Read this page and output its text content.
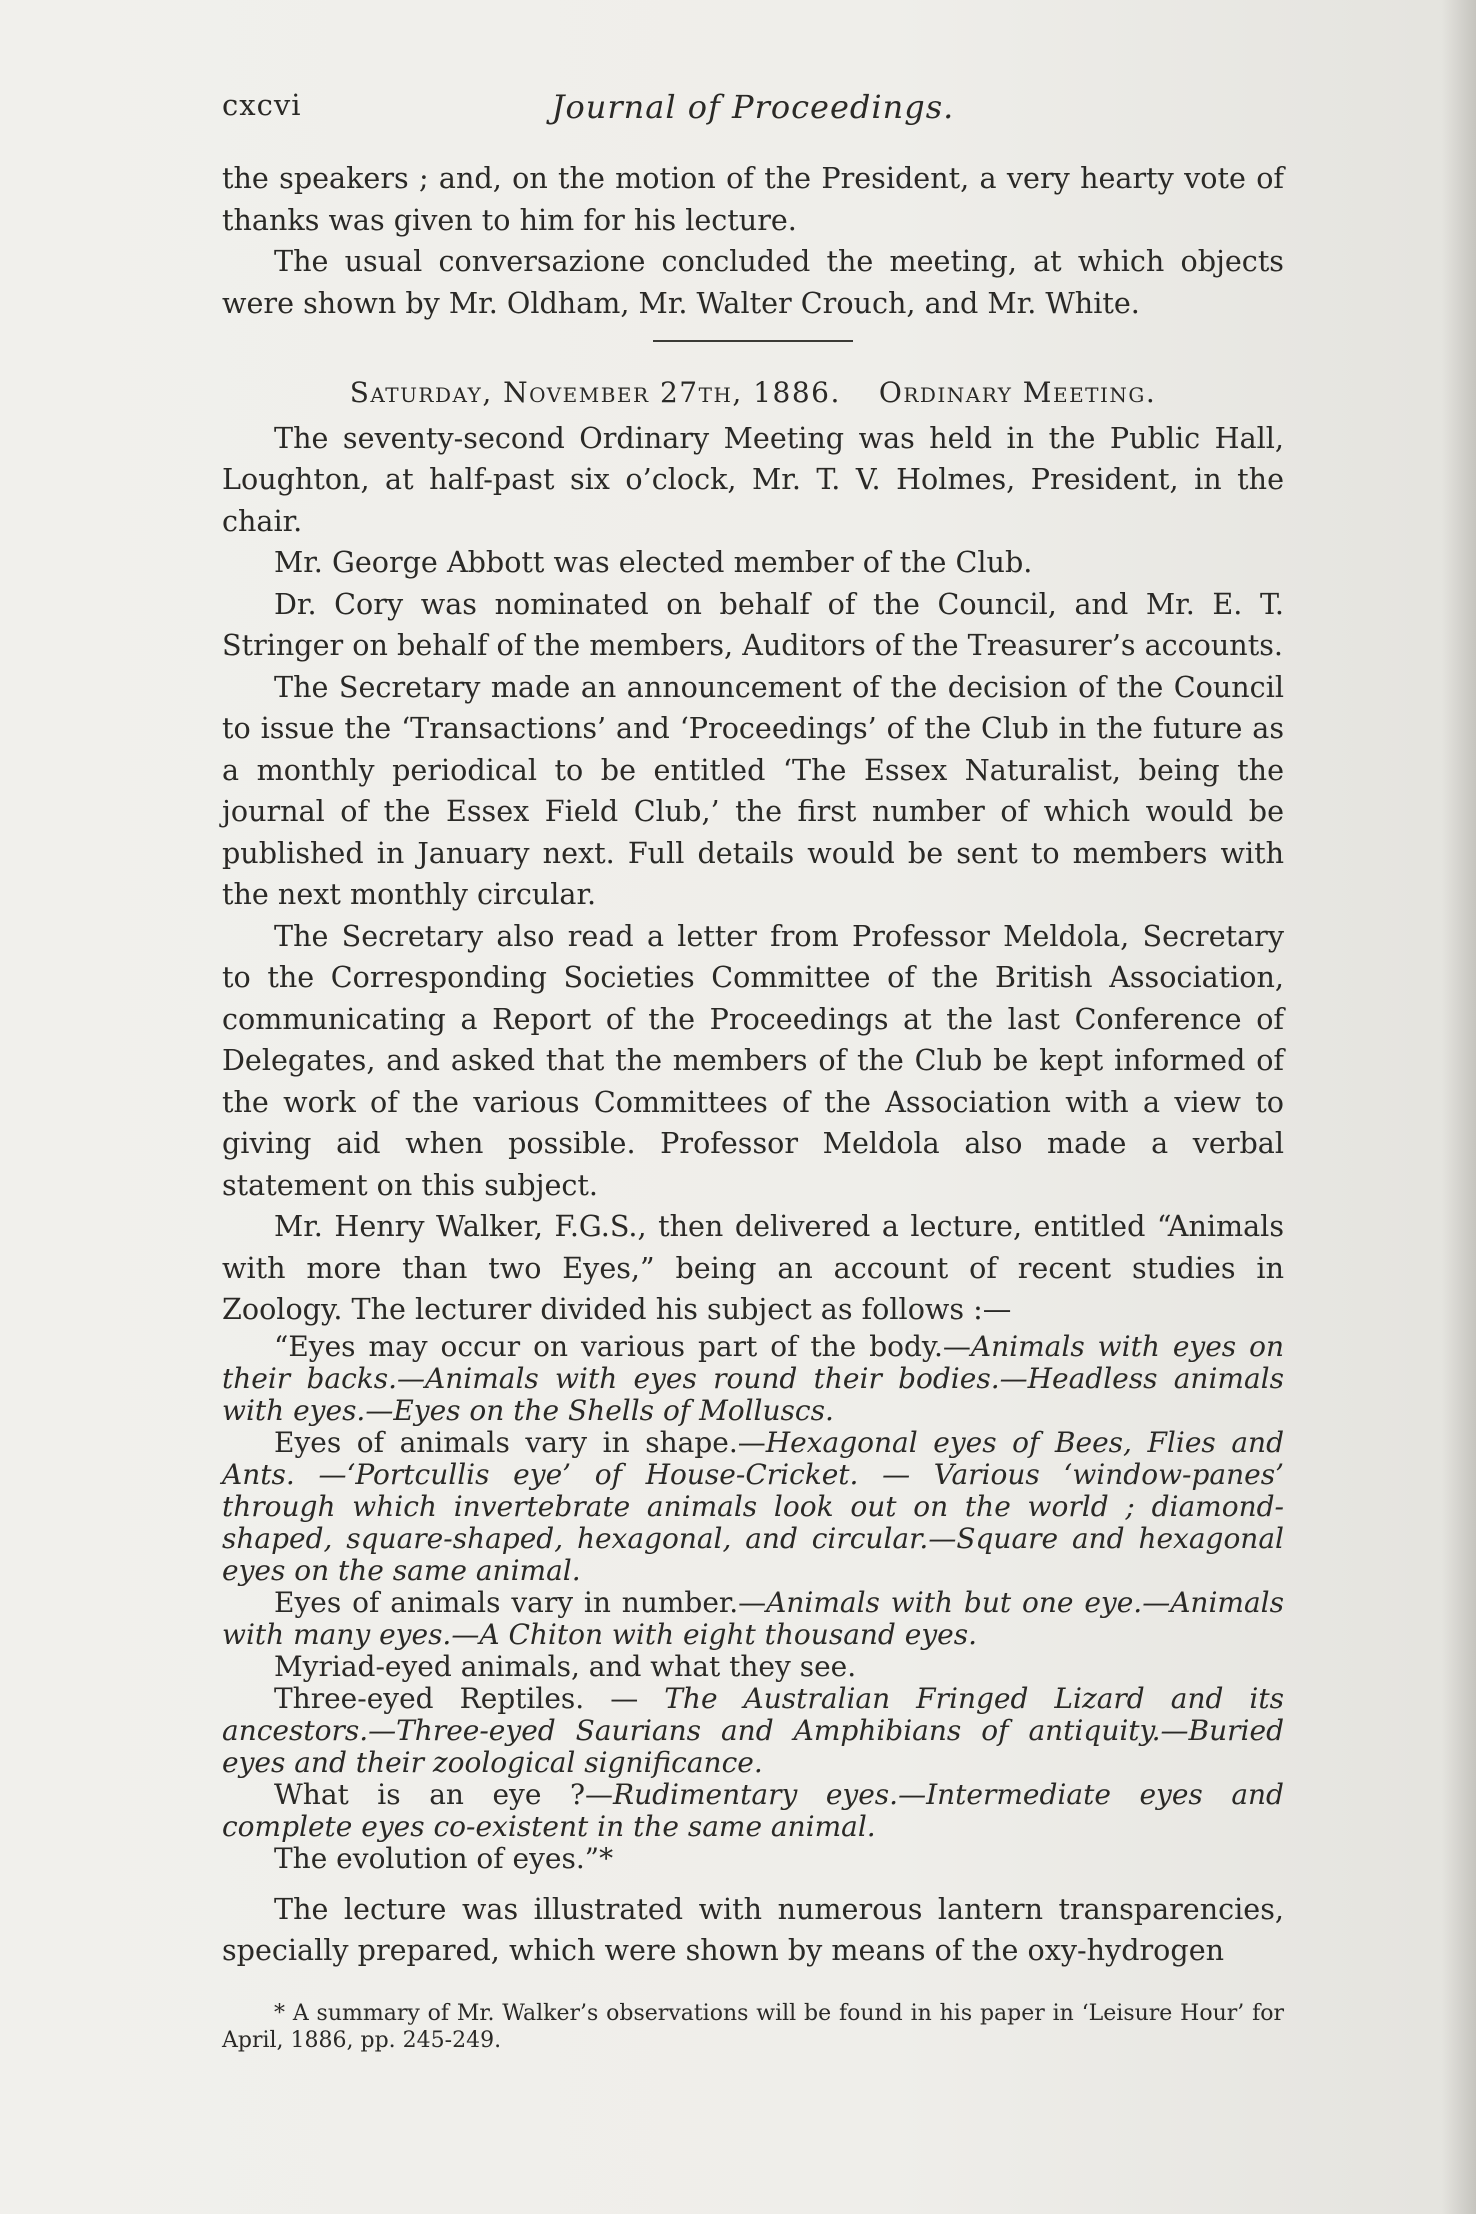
cxcvi	Journal of Proceedings.

the speakers ; and, on the motion of the President, a very hearty vote of thanks was given to him for his lecture.

The usual conversazione concluded the meeting, at which objects were shown by Mr. Oldham, Mr. Walter Crouch, and Mr. White.

Saturday, November 27th, 1886. Ordinary Meeting.

The seventy-second Ordinary Meeting was held in the Public Hall, Loughton, at half-past six o’clock, Mr. T. V. Holmes, President, in the chair.

Mr. George Abbott was elected member of the Club.

Dr. Cory was nominated on behalf of the Council, and Mr. E. T. Stringer on behalf of the members, Auditors of the Treasurer’s accounts.

The Secretary made an announcement of the decision of the Council to issue the ‘Transactions’ and ‘Proceedings’ of the Club in the future as a monthly periodical to be entitled ‘The Essex Naturalist, being the journal of the Essex Field Club,’ the first number of which would be published in January next. Full details would be sent to members with the next monthly circular.

The Secretary also read a letter from Professor Meldola, Secretary to the Corresponding Societies Committee of the British Association, communicating a Report of the Proceedings at the last Conference of Delegates, and asked that the members of the Club be kept informed of the work of the various Committees of the Association with a view to giving aid when possible. Professor Meldola also made a verbal statement on this subject.

Mr. Henry Walker, F.G.S., then delivered a lecture, entitled “Animals with more than two Eyes,” being an account of recent studies in Zoology. The lecturer divided his subject as follows :—

“Eyes may occur on various part of the body.—Animals with eyes on their backs.—Animals with eyes round their bodies.—Headless animals with eyes.—Eyes on the Shells of Molluscs.

Eyes of animals vary in shape.—Hexagonal eyes of Bees, Flies and Ants. —‘Portcullis eye’ of House-Cricket. — Various ‘window-panes’ through which invertebrate animals look out on the world ; diamond-shaped, square-shaped, hexagonal, and circular.—Square and hexagonal eyes on the same animal.

Eyes of animals vary in number.—Animals with but one eye.—Animals with many eyes.—A Chiton with eight thousand eyes.

Myriad-eyed animals, and what they see.

Three-eyed Reptiles. — The Australian Fringed Lizard and its ancestors.—Three-eyed Saurians and Amphibians of antiquity.—Buried eyes and their zoological significance.

What is an eye ?—Rudimentary eyes.—Intermediate eyes and complete eyes co-existent in the same animal.

The evolution of eyes.”*

The lecture was illustrated with numerous lantern transparencies, specially prepared, which were shown by means of the oxy-hydrogen

* A summary of Mr. Walker’s observations will be found in his paper in ‘Leisure Hour’ for April, 1886, pp. 245-249.
